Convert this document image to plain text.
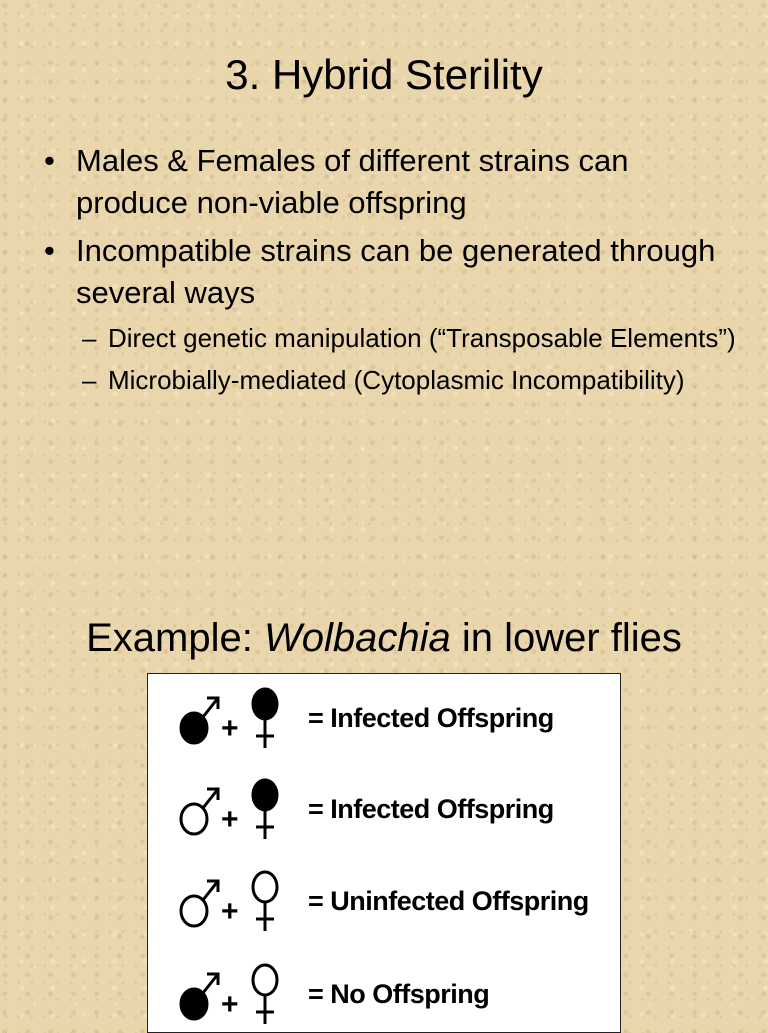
3. Hybrid Sterility
• Males & Females of different strains can produce non-viable offspring
• Incompatible strains can be generated through several ways
– Direct genetic manipulation (“Transposable Elements”)
– Microbially-mediated (Cytoplasmic Incompatibility)
Example: Wolbachia in lower flies
+	= Infected Offspring
+	= Infected Offspring
+	= Uninfected Offspring
+	= No Offspring
